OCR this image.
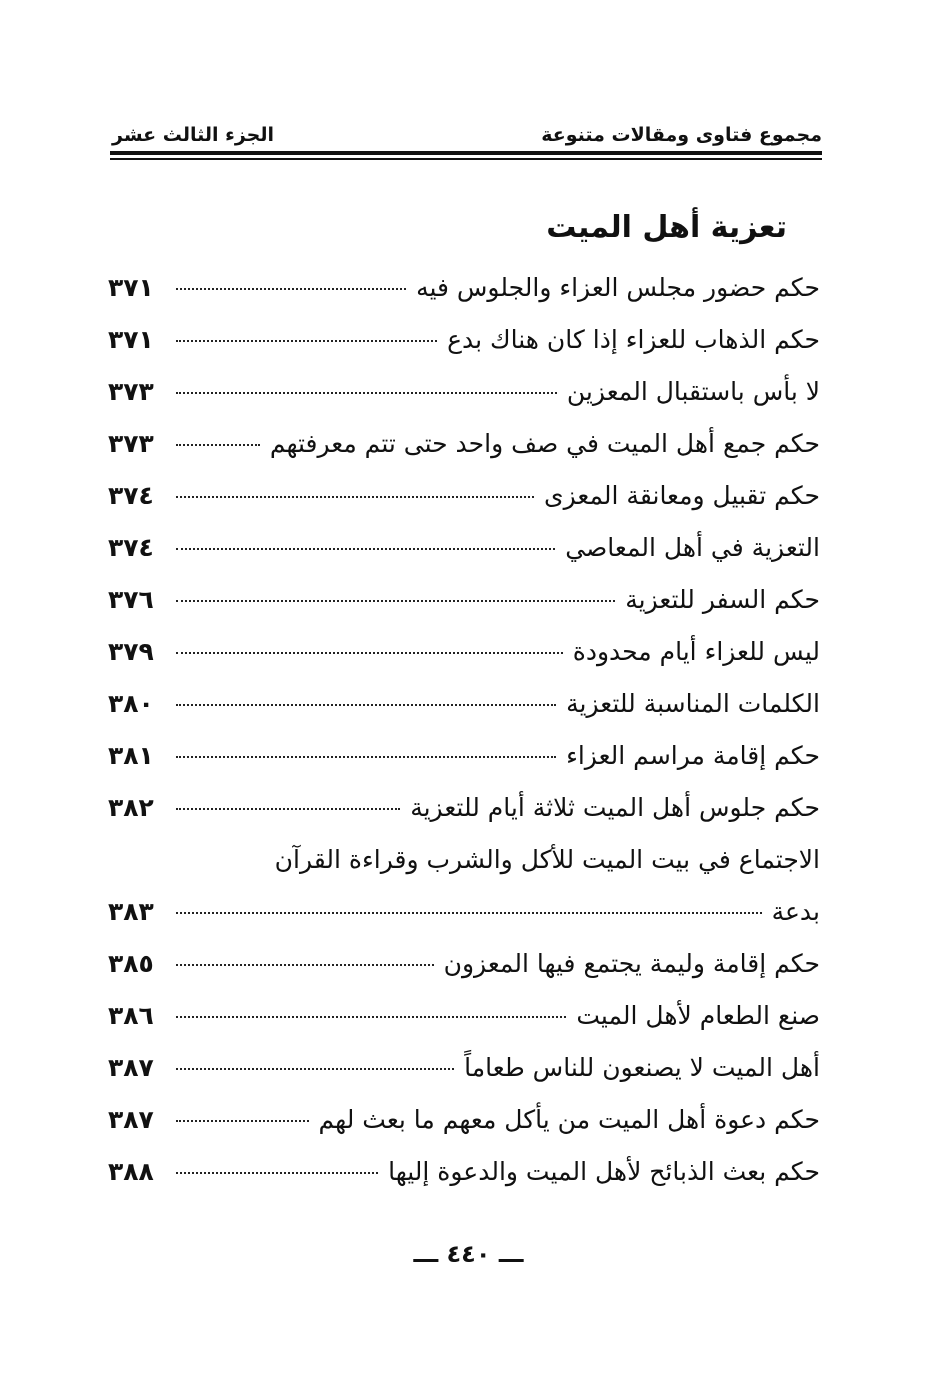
مجموع فتاوى ومقالات متنوعة
الجزء الثالث عشر
تعزية أهل الميت
حكم حضور مجلس العزاء والجلوس فيه
٣٧١
حكم الذهاب للعزاء إذا كان هناك بدع
٣٧١
لا بأس باستقبال المعزين
٣٧٣
حكم جمع أهل الميت في صف واحد حتى تتم معرفتهم
٣٧٣
حكم تقبيل ومعانقة المعزى
٣٧٤
التعزية في أهل المعاصي
٣٧٤
حكم السفر للتعزية
٣٧٦
ليس للعزاء أيام محدودة
٣٧٩
الكلمات المناسبة للتعزية
٣٨٠
حكم إقامة مراسم العزاء
٣٨١
حكم جلوس أهل الميت ثلاثة أيام للتعزية
٣٨٢
الاجتماع في بيت الميت للأكل والشرب وقراءة القرآن
بدعة
٣٨٣
حكم إقامة وليمة يجتمع فيها المعزون
٣٨٥
صنع الطعام لأهل الميت
٣٨٦
أهل الميت لا يصنعون للناس طعاماً
٣٨٧
حكم دعوة أهل الميت من يأكل معهم ما بعث لهم
٣٨٧
حكم بعث الذبائح لأهل الميت والدعوة إليها
٣٨٨
ـــ ٤٤٠ ـــ
